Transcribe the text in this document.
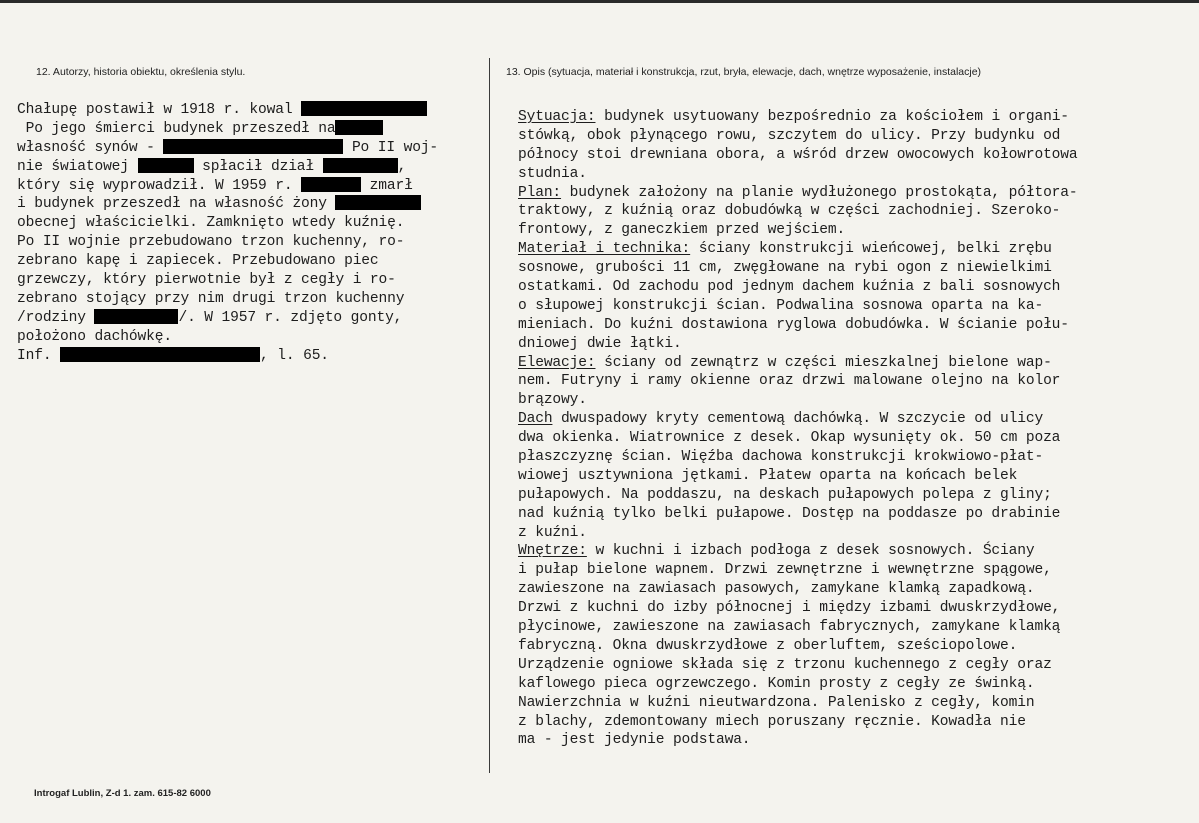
12. Autorzy, historia obiektu, określenia stylu.	13. Opis (sytuacja, materiał i konstrukcja, rzut, bryła, elewacje, dach, wnętrze wyposażenie, instalacje)
Chałupę postawił w 1918 r. kowal
Po jego śmierci budynek przeszedł na
własność synów -	Po II woj-
nie światowej	spłacił dział	,
który się wyprowadził. W 1959 r.	zmarł
i budynek przeszedł na własność żony
obecnej właścicielki. Zamknięto wtedy kuźnię.
Po II wojnie przebudowano trzon kuchenny, ro-
zebrano kapę i zapiecek. Przebudowano piec
grzewczy, który pierwotnie był z cegły i ro-
zebrano stojący przy nim drugi trzon kuchenny
/rodziny	/. W 1957 r. zdjęto gonty,
położono dachówkę.
Inf.	, l. 65.
Sytuacja: budynek usytuowany bezpośrednio za kościołem i organi-
stówką, obok płynącego rowu, szczytem do ulicy. Przy budynku od
północy stoi drewniana obora, a wśród drzew owocowych kołowrotowa
studnia.
Plan: budynek założony na planie wydłużonego prostokąta, półtora-
traktowy, z kuźnią oraz dobudówką w części zachodniej. Szeroko-
frontowy, z ganeczkiem przed wejściem.
Materiał i technika: ściany konstrukcji wieńcowej, belki zrębu
sosnowe, grubości 11 cm, zwęgłowane na rybi ogon z niewielkimi
ostatkami. Od zachodu pod jednym dachem kuźnia z bali sosnowych
o słupowej konstrukcji ścian. Podwalina sosnowa oparta na ka-
mieniach. Do kuźni dostawiona ryglowa dobudówka. W ścianie połu-
dniowej dwie łątki.
Elewacje: ściany od zewnątrz w części mieszkalnej bielone wap-
nem. Futryny i ramy okienne oraz drzwi malowane olejno na kolor
brązowy.
Dach dwuspadowy kryty cementową dachówką. W szczycie od ulicy
dwa okienka. Wiatrownice z desek. Okap wysunięty ok. 50 cm poza
płaszczyznę ścian. Więźba dachowa konstrukcji krokwiowo-płat-
wiowej usztywniona jętkami. Płatew oparta na końcach belek
pułapowych. Na poddaszu, na deskach pułapowych polepa z gliny;
nad kuźnią tylko belki pułapowe. Dostęp na poddasze po drabinie
z kuźni.
Wnętrze: w kuchni i izbach podłoga z desek sosnowych. Ściany
i pułap bielone wapnem. Drzwi zewnętrzne i wewnętrzne spągowe,
zawieszone na zawiasach pasowych, zamykane klamką zapadkową.
Drzwi z kuchni do izby północnej i między izbami dwuskrzydłowe,
płycinowe, zawieszone na zawiasach fabrycznych, zamykane klamką
fabryczną. Okna dwuskrzydłowe z oberluftem, sześciopolowe.
Urządzenie ogniowe składa się z trzonu kuchennego z cegły oraz
kaflowego pieca ogrzewczego. Komin prosty z cegły ze świnką.
Nawierzchnia w kuźni nieutwardzona. Palenisko z cegły, komin
z blachy, zdemontowany miech poruszany ręcznie. Kowadła nie
ma - jest jedynie podstawa.
Introgaf Lublin, Z-d 1. zam. 615-82 6000
